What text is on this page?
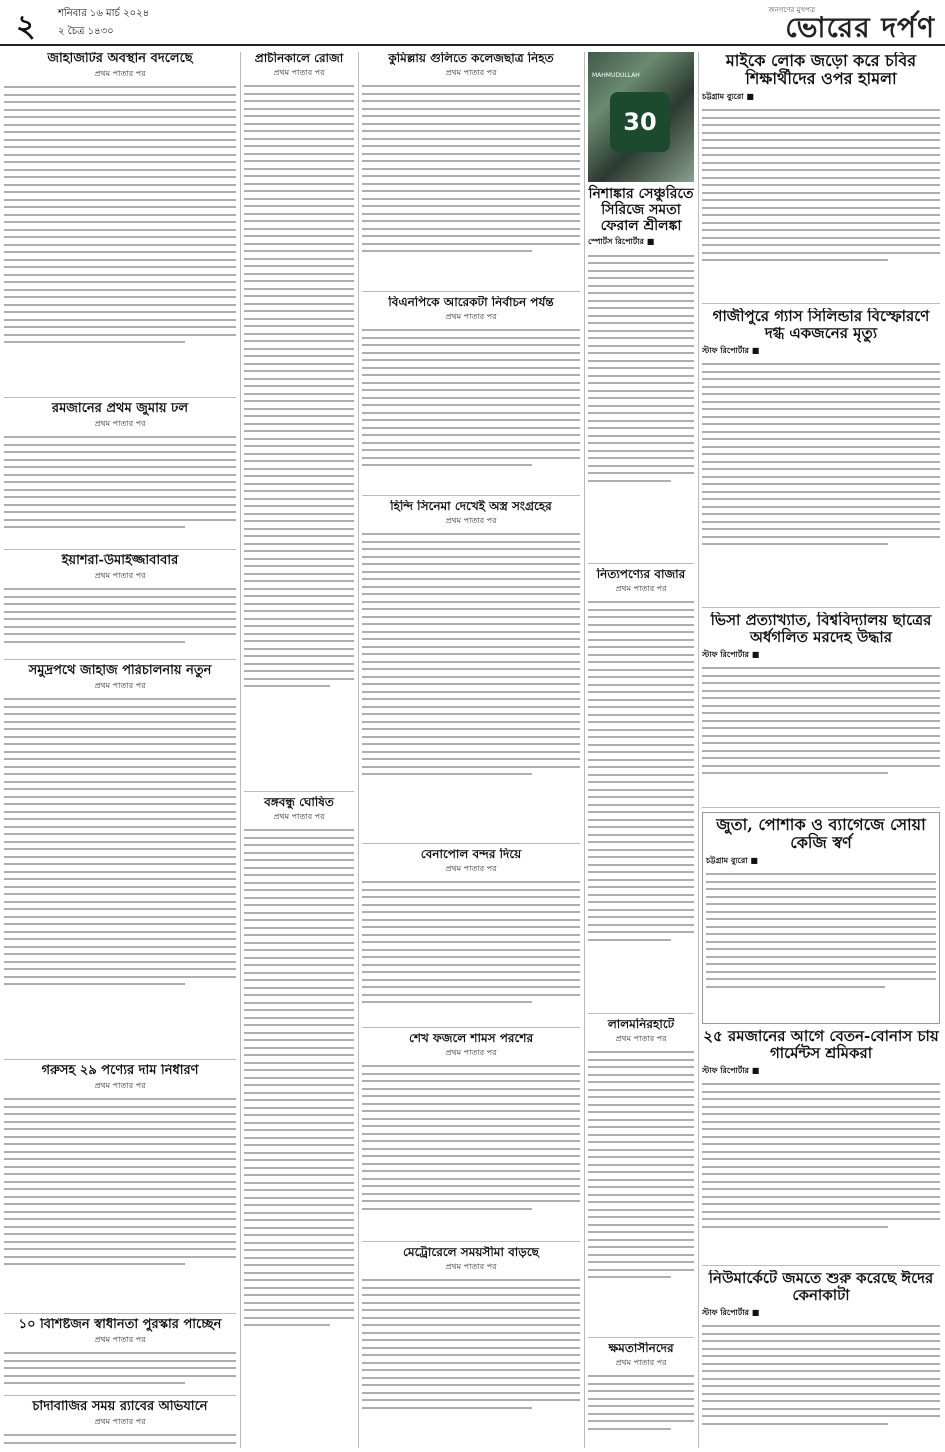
২ শনিবার ১৬ মার্চ ২০২৪
২ চৈত্র ১৪৩০
জনগণের মুখপত্র
ভোরের দর্পণ
জাহাজটির অবস্থান বদলেছে
প্রথম পাতার পর
রমজানের প্রথম জুমায় ঢল
প্রথম পাতার পর
ইয়াশরা-উমাইজ্জাবাবার
প্রথম পাতার পর
সমুদ্রপথে জাহাজ পরিচালনায় নতুন
প্রথম পাতার পর
গরুসহ ২৯ পণ্যের দাম নির্ধারণ
প্রথম পাতার পর
১০ বিশিষ্টজন স্বাধীনতা পুরস্কার পাচ্ছেন
প্রথম পাতার পর
চাঁদাবাজির সময় র‍্যাবের অভিযানে
প্রথম পাতার পর
প্রাচীনকালে রোজা
প্রথম পাতার পর
বঙ্গবন্ধু ঘোষিত
প্রথম পাতার পর
কুমিল্লায় গুলিতে কলেজছাত্র নিহত
প্রথম পাতার পর
বিএনপিকে আরেকটা নির্বাচন পর্যন্ত
প্রথম পাতার পর
হিন্দি সিনেমা দেখেই অস্ত্র সংগ্রহের
প্রথম পাতার পর
বেনাপোল বন্দর দিয়ে
প্রথম পাতার পর
শেখ ফজলে শামস পরশের
প্রথম পাতার পর
মেট্রোরেলে সময়সীমা বাড়ছে
প্রথম পাতার পর
30
MAHMUDULLAH
নিশাঙ্কার সেঞ্চুরিতে সিরিজে সমতা ফেরাল শ্রীলঙ্কা
স্পোর্টস রিপোর্টার ■
নিত্যপণ্যের বাজার
প্রথম পাতার পর
লালমনিরহাটে
প্রথম পাতার পর
ক্ষমতাসীনদের
প্রথম পাতার পর
মাইকে লোক জড়ো করে চবির শিক্ষার্থীদের ওপর হামলা
চট্টগ্রাম ব্যুরো ■
গাজীপুরে গ্যাস সিলিন্ডার বিস্ফোরণে দগ্ধ একজনের মৃত্যু
স্টাফ রিপোর্টার ■
ভিসা প্রত্যাখ্যাত, বিশ্ববিদ্যালয় ছাত্রের অর্ধগলিত মরদেহ উদ্ধার
স্টাফ রিপোর্টার ■
জুতা, পোশাক ও ব্যাগেজে সোয়া কেজি স্বর্ণ
চট্টগ্রাম ব্যুরো ■
২৫ রমজানের আগে বেতন-বোনাস চায় গার্মেন্টস শ্রমিকরা
স্টাফ রিপোর্টার ■
নিউমার্কেটে জমতে শুরু করেছে ঈদের কেনাকাটা
স্টাফ রিপোর্টার ■
